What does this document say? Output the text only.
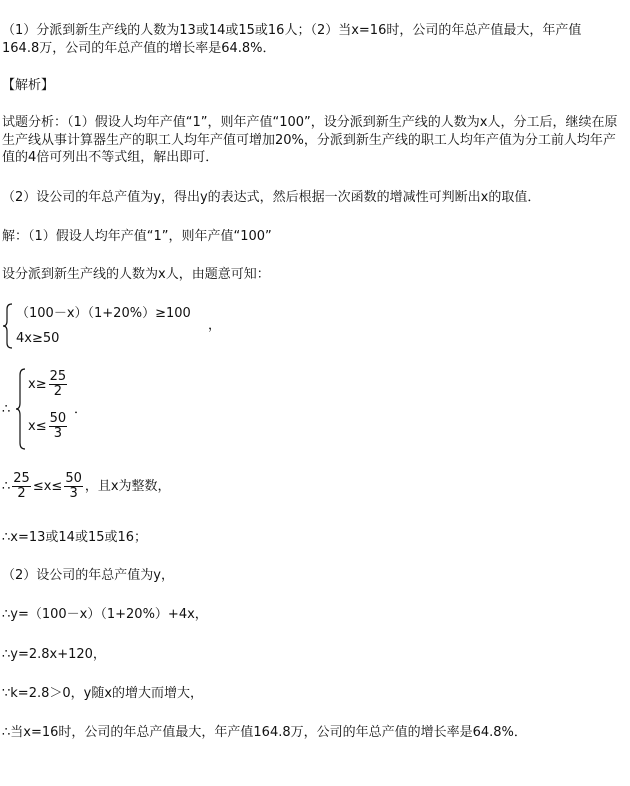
（1）分派到新生产线的人数为13或14或15或16人；（2）当x=16时，公司的年总产值最大，年产值
164.8万，公司的年总产值的增长率是64.8%．
【解析】
试题分析：（1）假设人均年产值“1”，则年产值“100”，设分派到新生产线的人数为x人，分工后，继续在原生产线从事计算器生产的职工人均年产值可增加20%，分派到新生产线的职工人均年产值为分工前人均年产值的4倍可列出不等式组，解出即可．
（2）设公司的年总产值为y，得出y的表达式，然后根据一次函数的增减性可判断出x的取值．
解：（1）假设人均年产值“1”，则年产值“100”
设分派到新生产线的人数为x人，由题意可知：
（100－x）（1+20%）≥100
4x≥50
，
∴
$x\ge \frac{25}{2}$
$x\le \frac{50}{3}$
．
∴ $\frac{25}{2} \le x\le \frac{50}{3}$ ，且x为整数，
∴x=13或14或15或16；
（2）设公司的年总产值为y，
∴y=（100－x）（1+20%）+4x，
∴y=2.8x+120，
∵k=2.8＞0，y随x的增大而增大，
∴当x=16时，公司的年总产值最大，年产值164.8万，公司的年总产值的增长率是64.8%．
